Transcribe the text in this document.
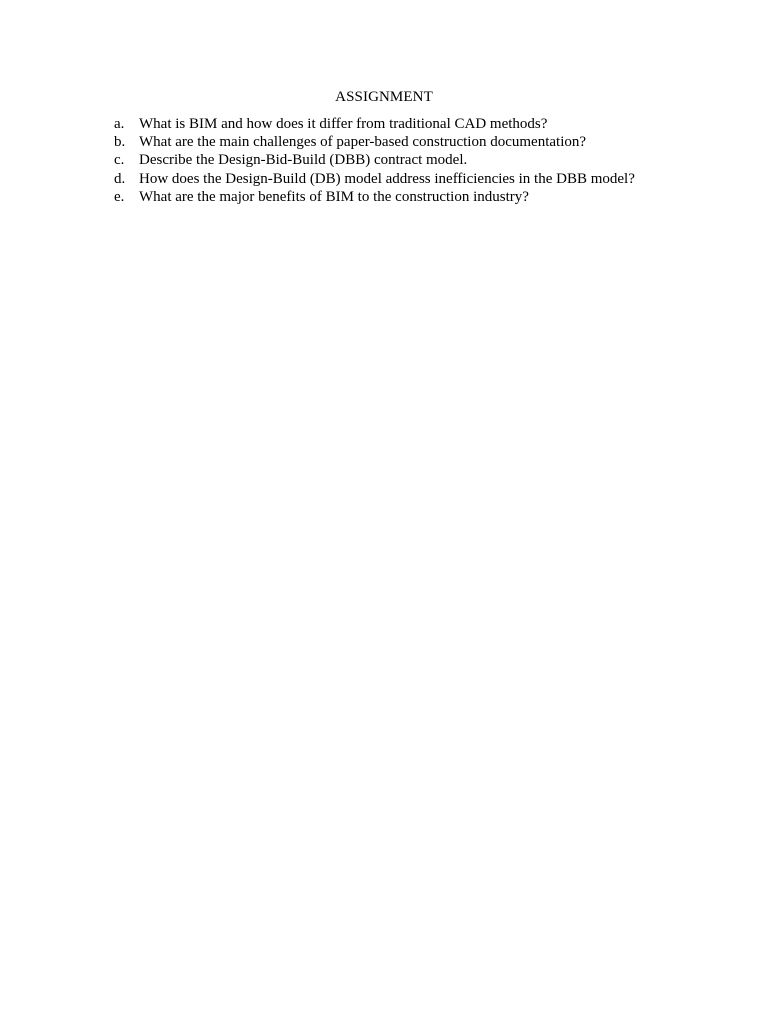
ASSIGNMENT
a. What is BIM and how does it differ from traditional CAD methods?
b. What are the main challenges of paper-based construction documentation?
c. Describe the Design-Bid-Build (DBB) contract model.
d. How does the Design-Build (DB) model address inefficiencies in the DBB model?
e. What are the major benefits of BIM to the construction industry?
